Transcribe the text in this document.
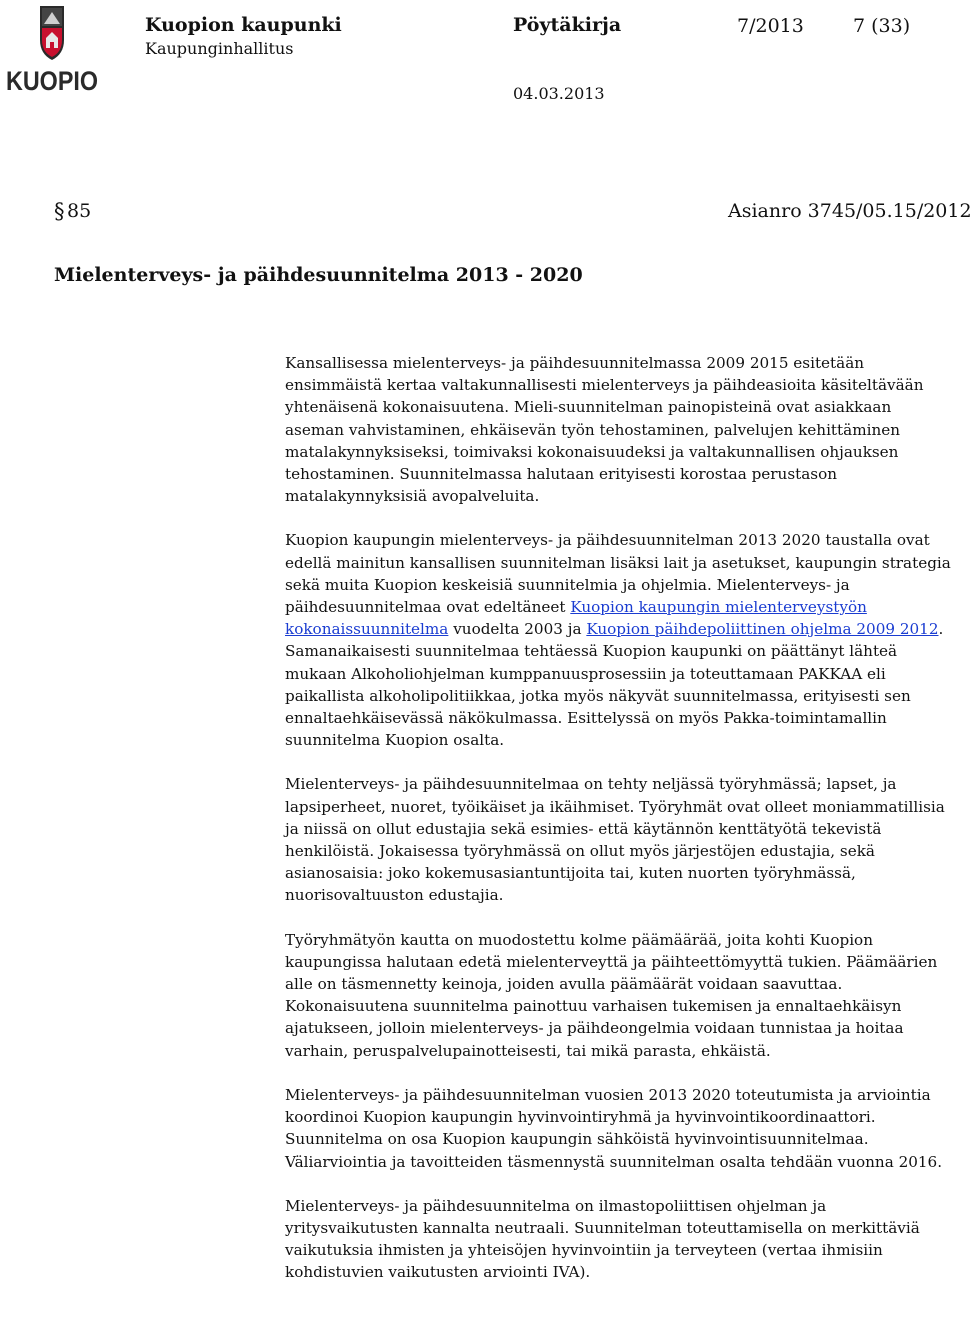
KUOPIO
Kuopion kaupunki
Kaupunginhallitus
Pöytäkirja	7/2013	7 (33)
04.03.2013
§ 85	Asianro 3745/05.15/2012
Mielenterveys- ja päihdesuunnitelma 2013 - 2020

Kansallisessa mielenterveys- ja päihdesuunnitelmassa 2009 2015 esitetään ensimmäistä kertaa valtakunnallisesti mielenterveys ja päihdeasioita käsiteltävään yhtenäisenä kokonaisuutena. Mieli-suunnitelman painopisteinä ovat asiakkaan aseman vahvistaminen, ehkäisevän työn tehostaminen, palvelujen kehittäminen matalakynnyksiseksi, toimivaksi kokonaisuudeksi ja valtakunnallisen ohjauksen tehostaminen. Suunnitelmassa halutaan erityisesti korostaa perustason matalakynnyksisiä avopalveluita.

Kuopion kaupungin mielenterveys- ja päihdesuunnitelman 2013 2020 taustalla ovat edellä mainitun kansallisen suunnitelman lisäksi lait ja asetukset, kaupungin strategia sekä muita Kuopion keskeisiä suunnitelmia ja ohjelmia. Mielenterveys- ja päihdesuunnitelmaa ovat edeltäneet Kuopion kaupungin mielenterveystyön kokonaissuunnitelma vuodelta 2003 ja Kuopion päihdepoliittinen ohjelma 2009 2012. Samanaikaisesti suunnitelmaa tehtäessä Kuopion kaupunki on päättänyt lähteä mukaan Alkoholiohjelman kumppanuusprosessiin ja toteuttamaan PAKKAA eli paikallista alkoholipolitiikkaa, jotka myös näkyvät suunnitelmassa, erityisesti sen ennaltaehkäisevässä näkökulmassa. Esittelyssä on myös Pakka-toimintamallin suunnitelma Kuopion osalta.

Mielenterveys- ja päihdesuunnitelmaa on tehty neljässä työryhmässä; lapset, ja lapsiperheet, nuoret, työikäiset ja ikäihmiset. Työryhmät ovat olleet moniammatillisia ja niissä on ollut edustajia sekä esimies- että käytännön kenttätyötä tekevistä henkilöistä. Jokaisessa työryhmässä on ollut myös järjestöjen edustajia, sekä asianosaisia: joko kokemusasiantuntijoita tai, kuten nuorten työryhmässä, nuorisovaltuuston edustajia.

Työryhmätyön kautta on muodostettu kolme päämäärää, joita kohti Kuopion kaupungissa halutaan edetä mielenterveyttä ja päihteettömyyttä tukien. Päämäärien alle on täsmennetty keinoja, joiden avulla päämäärät voidaan saavuttaa. Kokonaisuutena suunnitelma painottuu varhaisen tukemisen ja ennaltaehkäisyn ajatukseen, jolloin mielenterveys- ja päihdeongelmia voidaan tunnistaa ja hoitaa varhain, peruspalvelupainotteisesti, tai mikä parasta, ehkäistä.

Mielenterveys- ja päihdesuunnitelman vuosien 2013 2020 toteutumista ja arviointia koordinoi Kuopion kaupungin hyvinvointiryhmä ja hyvinvointikoordinaattori. Suunnitelma on osa Kuopion kaupungin sähköistä hyvinvointisuunnitelmaa. Väliarviointia ja tavoitteiden täsmennystä suunnitelman osalta tehdään vuonna 2016.

Mielenterveys- ja päihdesuunnitelma on ilmastopoliittisen ohjelman ja yritysvaikutusten kannalta neutraali. Suunnitelman toteuttamisella on merkittäviä vaikutuksia ihmisten ja yhteisöjen hyvinvointiin ja terveyteen (vertaa ihmisiin kohdistuvien vaikutusten arviointi IVA).
